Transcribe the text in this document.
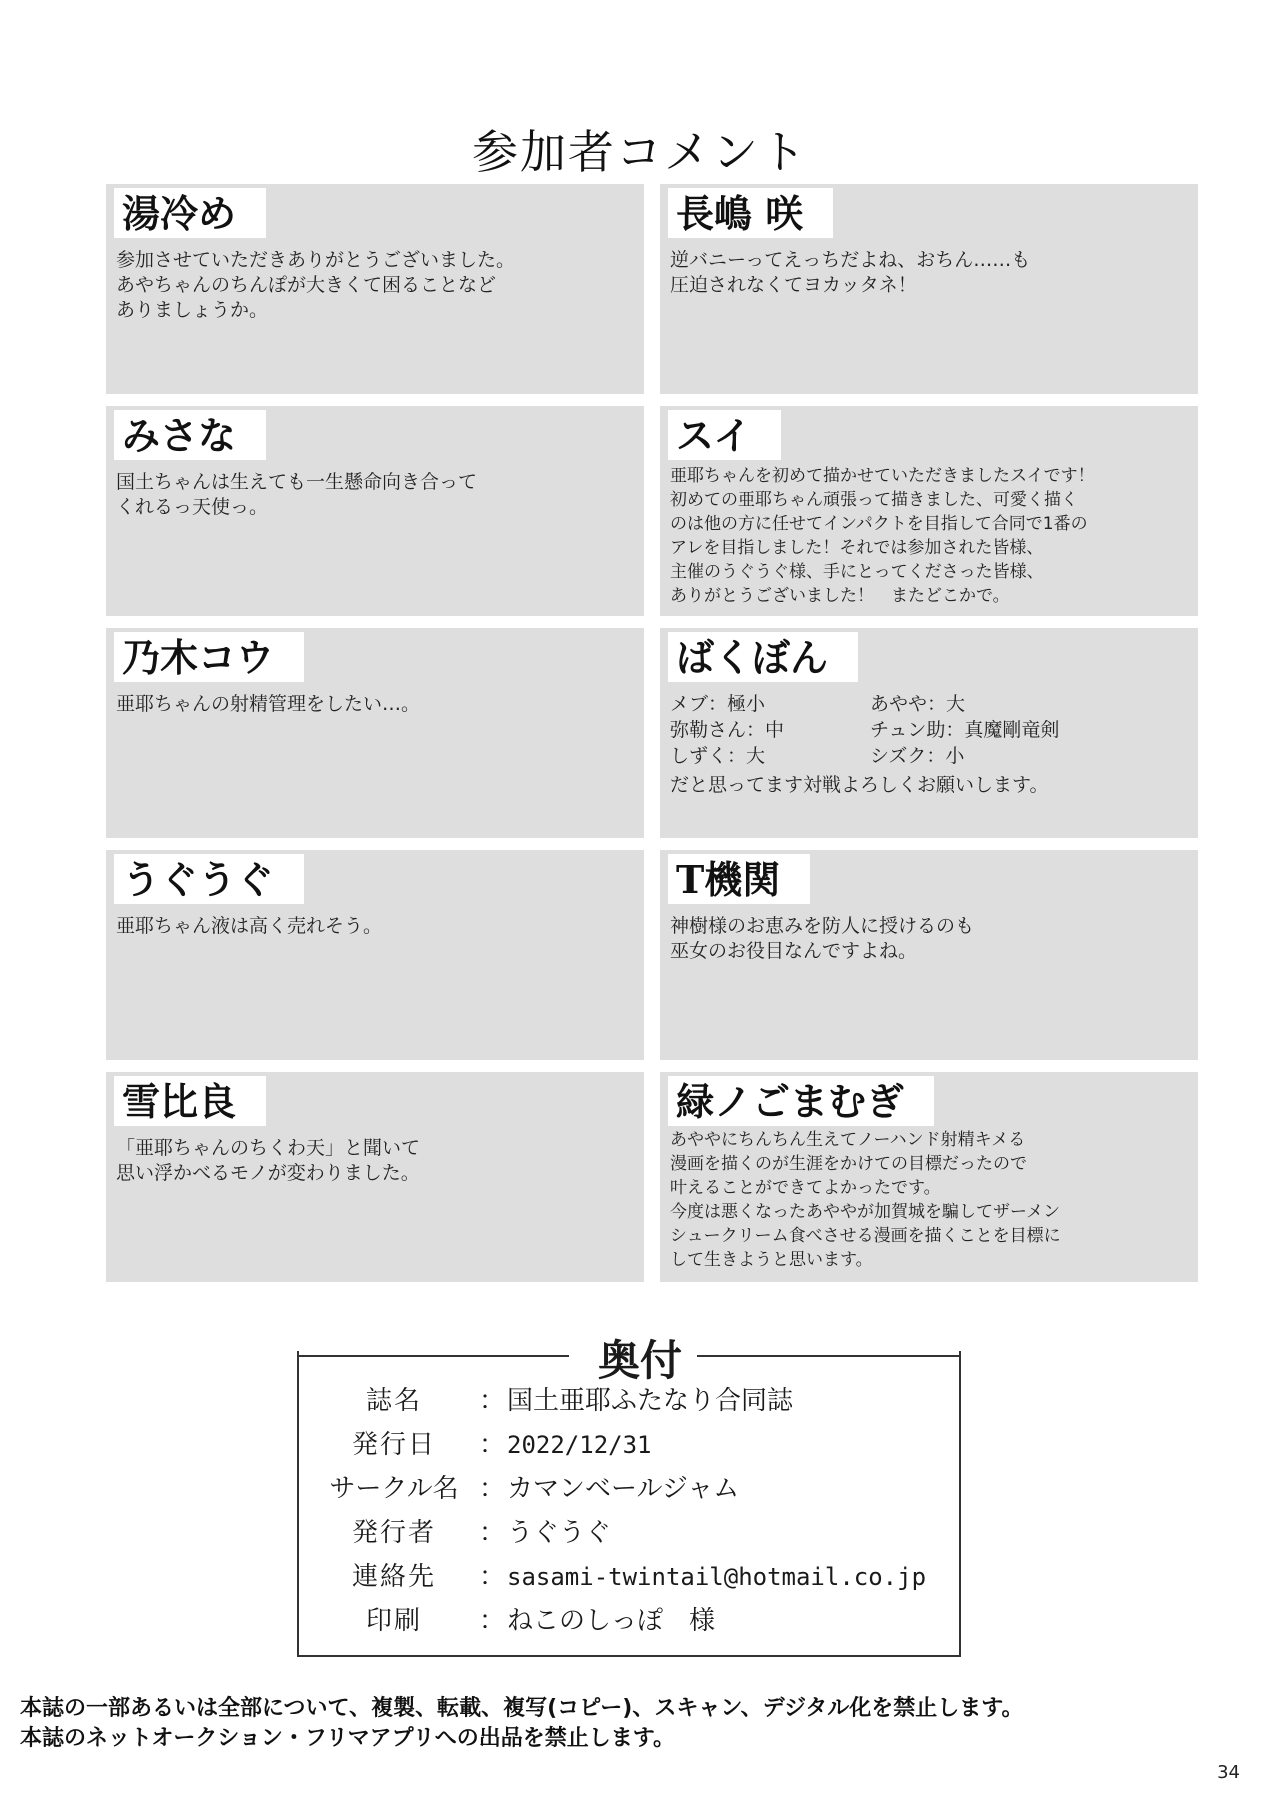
参加者コメント
湯冷め
参加させていただきありがとうございました。
あやちゃんのちんぽが大きくて困ることなど
ありましょうか。
長嶋 咲
逆バニーってえっちだよね、おちん……も
圧迫されなくてヨカッタネ！
みさな
国土ちゃんは生えても一生懸命向き合って
くれるっ天使っ。
スイ
亜耶ちゃんを初めて描かせていただきましたスイです！
初めての亜耶ちゃん頑張って描きました、可愛く描く
のは他の方に任せてインパクトを目指して合同で1番の
アレを目指しました！それでは参加された皆様、
主催のうぐうぐ様、手にとってくださった皆様、
ありがとうございました！　またどこかで。
乃木コウ
亜耶ちゃんの射精管理をしたい…。
ばくぼん
メブ：極小	あやや：大
弥勒さん：中	チュン助：真魔剛竜剣
しずく：大	シズク：小
だと思ってます対戦よろしくお願いします。
うぐうぐ
亜耶ちゃん液は高く売れそう。
T機関
神樹様のお恵みを防人に授けるのも
巫女のお役目なんですよね。
雪比良
「亜耶ちゃんのちくわ天」と聞いて
思い浮かべるモノが変わりました。
緑ノごまむぎ
あややにちんちん生えてノーハンド射精キメる
漫画を描くのが生涯をかけての目標だったので
叶えることができてよかったです。
今度は悪くなったあややが加賀城を騙してザーメン
シュークリーム食べさせる漫画を描くことを目標に
して生きようと思います。
奥付
誌名	： 国土亜耶ふたなり合同誌
発行日	： 2022/12/31
サークル名 ： カマンベールジャム
発行者	： うぐうぐ
連絡先	： sasami-twintail@hotmail.co.jp
印刷	： ねこのしっぽ　様
本誌の一部あるいは全部について、複製、転載、複写(コピー)、スキャン、デジタル化を禁止します。
本誌のネットオークション・フリマアプリへの出品を禁止します。
34
